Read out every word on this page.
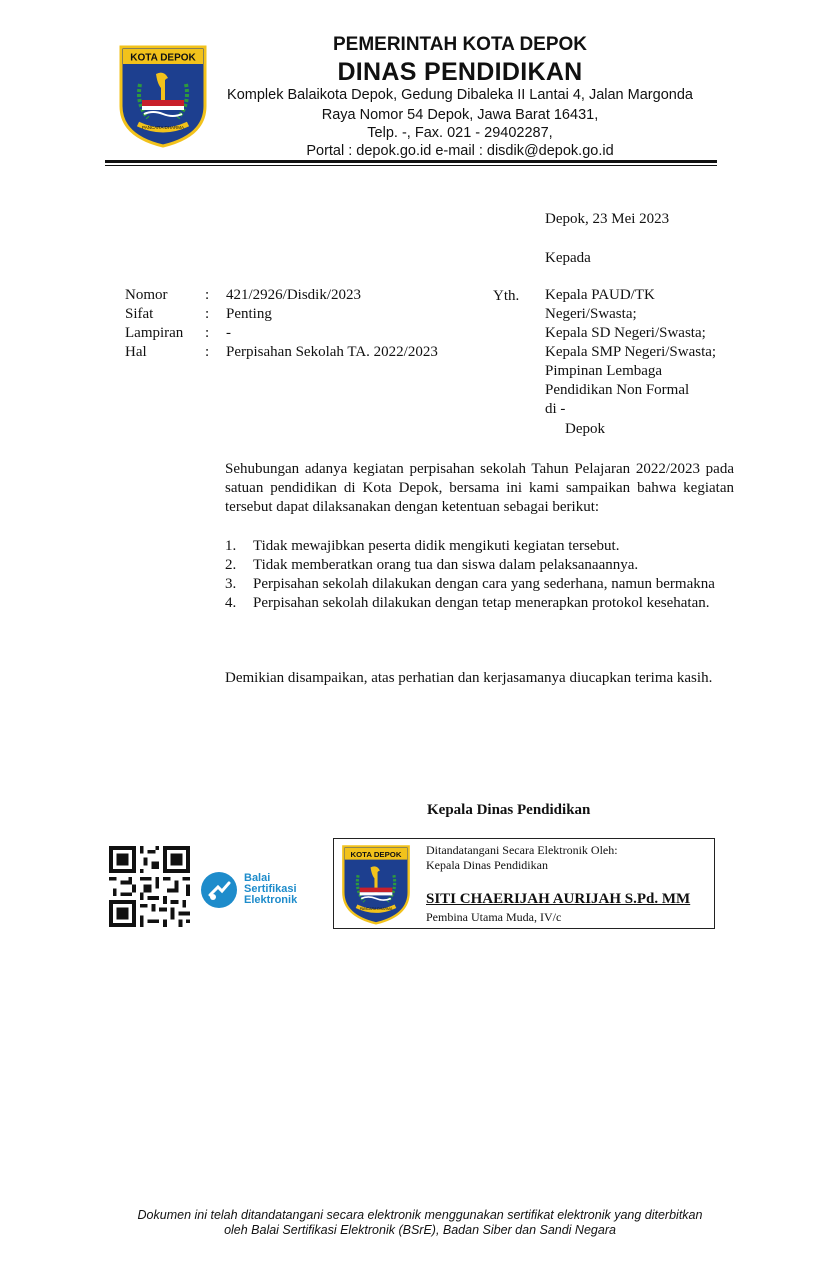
KOTA DEPOK
PANCARA DHARMA
PEMERINTAH KOTA DEPOK
DINAS PENDIDIKAN
Komplek Balaikota Depok, Gedung Dibaleka II Lantai 4, Jalan Margonda
Raya Nomor 54 Depok, Jawa Barat 16431,
Telp. -, Fax. 021 - 29402287,
Portal : depok.go.id e-mail : disdik@depok.go.id
Depok, 23 Mei 2023
Kepada
Nomor	: 421/2926/Disdik/2023
Sifat	: Penting
Lampiran : -
Hal	: Perpisahan Sekolah TA. 2022/2023
Yth. Kepala PAUD/TK
Negeri/Swasta;
Kepala SD Negeri/Swasta;
Kepala SMP Negeri/Swasta;
Pimpinan Lembaga
Pendidikan Non Formal
di -
Depok
Sehubungan adanya kegiatan perpisahan sekolah Tahun Pelajaran 2022/2023 pada satuan pendidikan di Kota Depok, bersama ini kami sampaikan bahwa kegiatan tersebut dapat dilaksanakan dengan ketentuan sebagai berikut:
1. Tidak mewajibkan peserta didik mengikuti kegiatan tersebut.
2. Tidak memberatkan orang tua dan siswa dalam pelaksanaannya.
3. Perpisahan sekolah dilakukan dengan cara yang sederhana, namun bermakna
4. Perpisahan sekolah dilakukan dengan tetap menerapkan protokol kesehatan.
Demikian disampaikan, atas perhatian dan kerjasamanya diucapkan terima kasih.
Kepala Dinas Pendidikan
Balai
Sertifikasi
Elektronik
KOTA DEPOK
PANCARA DHARMA
Ditandatangani Secara Elektronik Oleh:
Kepala Dinas Pendidikan
SITI CHAERIJAH AURIJAH S.Pd. MM
Pembina Utama Muda, IV/c
Dokumen ini telah ditandatangani secara elektronik menggunakan sertifikat elektronik yang diterbitkan
oleh Balai Sertifikasi Elektronik (BSrE), Badan Siber dan Sandi Negara
